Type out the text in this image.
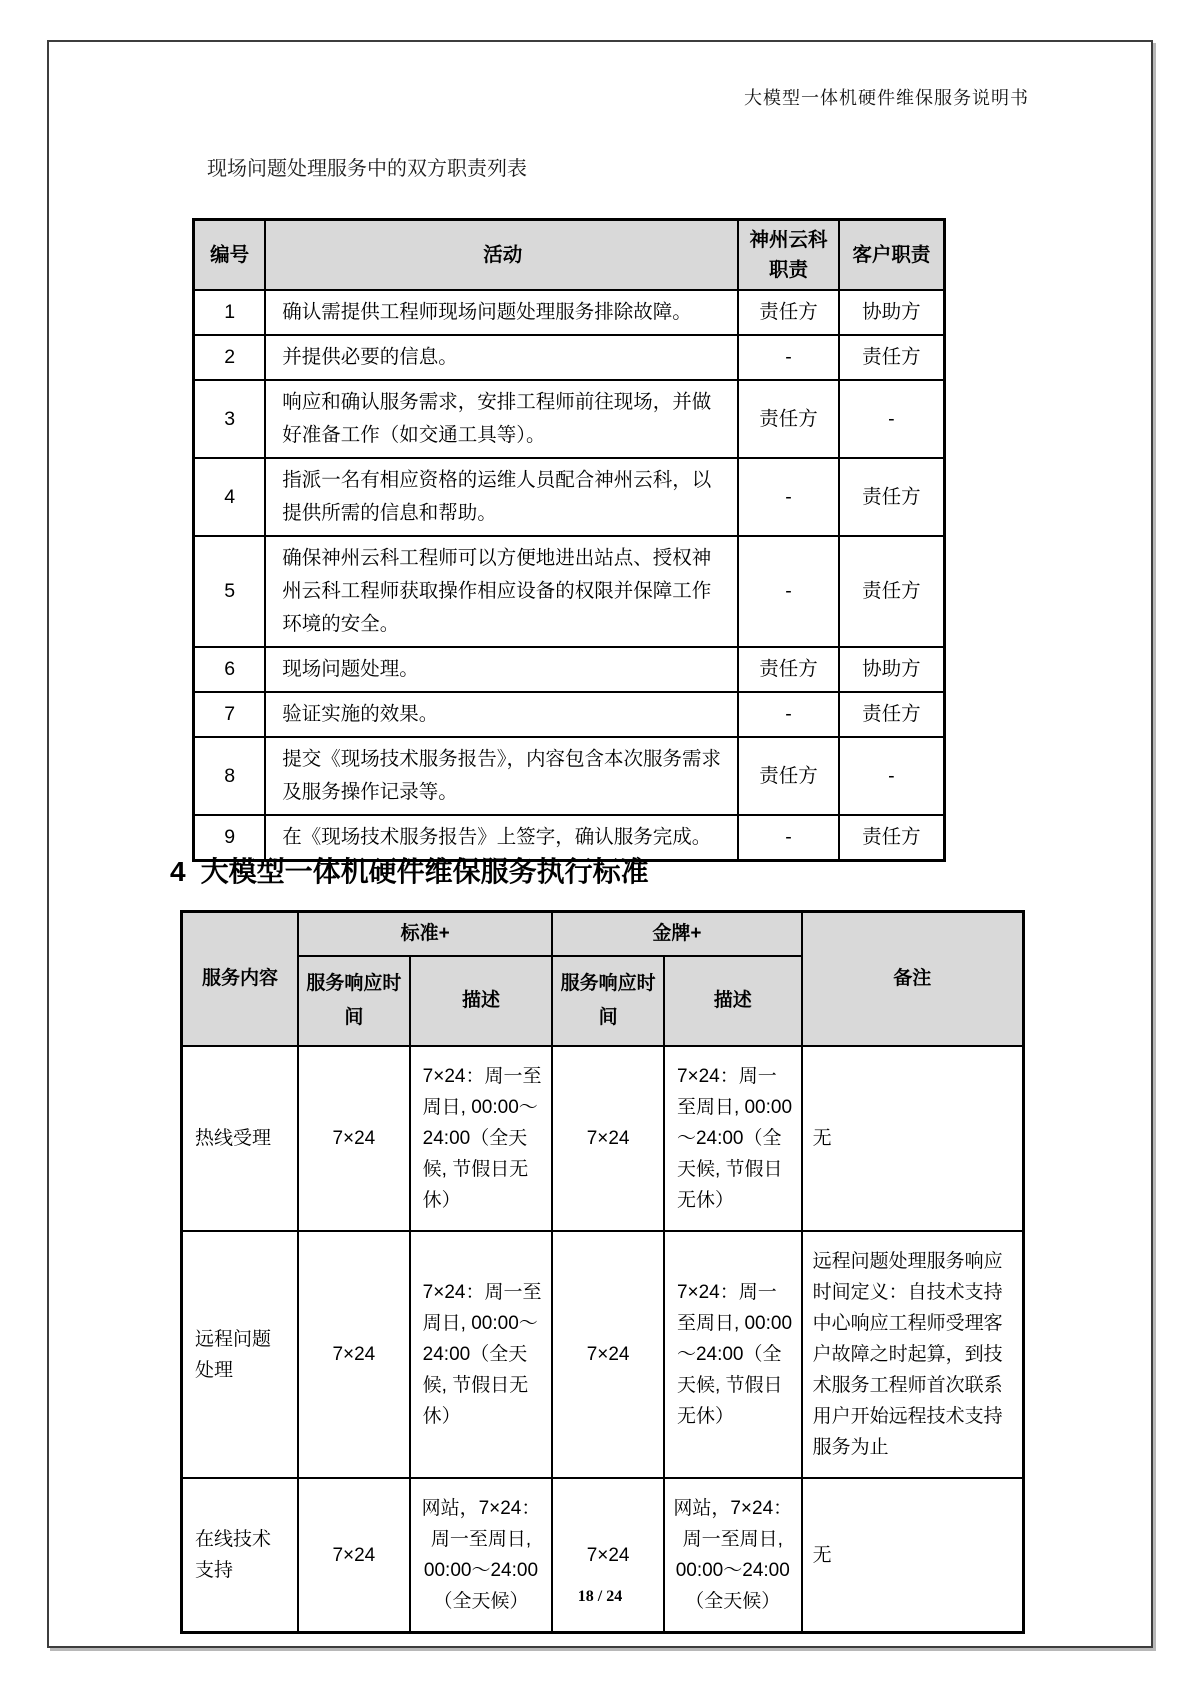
大模型一体机硬件维保服务说明书
现场问题处理服务中的双方职责列表
编号	活动	神州云科 职责	客户职责
1	确认需提供工程师现场问题处理服务排除故障。	责任方	协助方
2	并提供必要的信息。	-	责任方
3	响应和确认服务需求，安排工程师前往现场，并做好准备工作（如交通工具等）。	责任方	-
4	指派一名有相应资格的运维人员配合神州云科，以提供所需的信息和帮助。	-	责任方
5	确保神州云科工程师可以方便地进出站点、授权神州云科工程师获取操作相应设备的权限并保障工作环境的安全。	-	责任方
6	现场问题处理。	责任方	协助方
7	验证实施的效果。	-	责任方
8	提交《现场技术服务报告》，内容包含本次服务需求及服务操作记录等。	责任方	-
9	在《现场技术服务报告》上签字，确认服务完成。	-	责任方
4 大模型一体机硬件维保服务执行标准
服务内容	标准+		金牌+		备注
	服务响应时间	描述	服务响应时间	描述	
热线受理	7×24	7×24：周一至周日, 00:00～24:00（全天候, 节假日无休）	7×24	7×24：周一至周日, 00:00～24:00（全天候, 节假日无休）	无
远程问题处理	7×24	7×24：周一至周日, 00:00～24:00（全天候, 节假日无休）	7×24	7×24：周一至周日, 00:00～24:00（全天候, 节假日无休）	远程问题处理服务响应时间定义：自技术支持中心响应工程师受理客户故障之时起算，到技术服务工程师首次联系用户开始远程技术支持服务为止
在线技术支持	7×24	网站，7×24：周一至周日, 00:00～24:00 （全天候）	7×24	网站，7×24：周一至周日, 00:00～24:00 （全天候）	无
18 / 24
